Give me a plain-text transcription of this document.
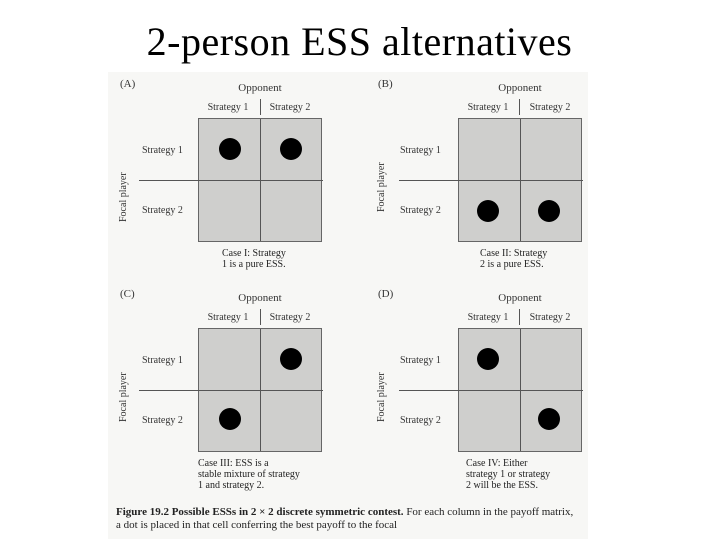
2-person ESS alternatives
(A)	Opponent
Strategy 1	Strategy 2
Focal player
Strategy 1
Strategy 2
Case I: Strategy
1 is a pure ESS.
(B)	Opponent
Strategy 1	Strategy 2
Focal player
Strategy 1
Strategy 2
Case II: Strategy
2 is a pure ESS.
(C)	Opponent
Strategy 1	Strategy 2
Focal player
Strategy 1
Strategy 2
Case III: ESS is a
stable mixture of strategy
1 and strategy 2.
(D)	Opponent
Strategy 1	Strategy 2
Focal player
Strategy 1
Strategy 2
Case IV: Either
strategy 1 or strategy
2 will be the ESS.
Figure 19.2 Possible ESSs in 2 × 2 discrete symmetric contest. For each column in the payoff matrix, a dot is placed in that cell conferring the best payoff to the focal
